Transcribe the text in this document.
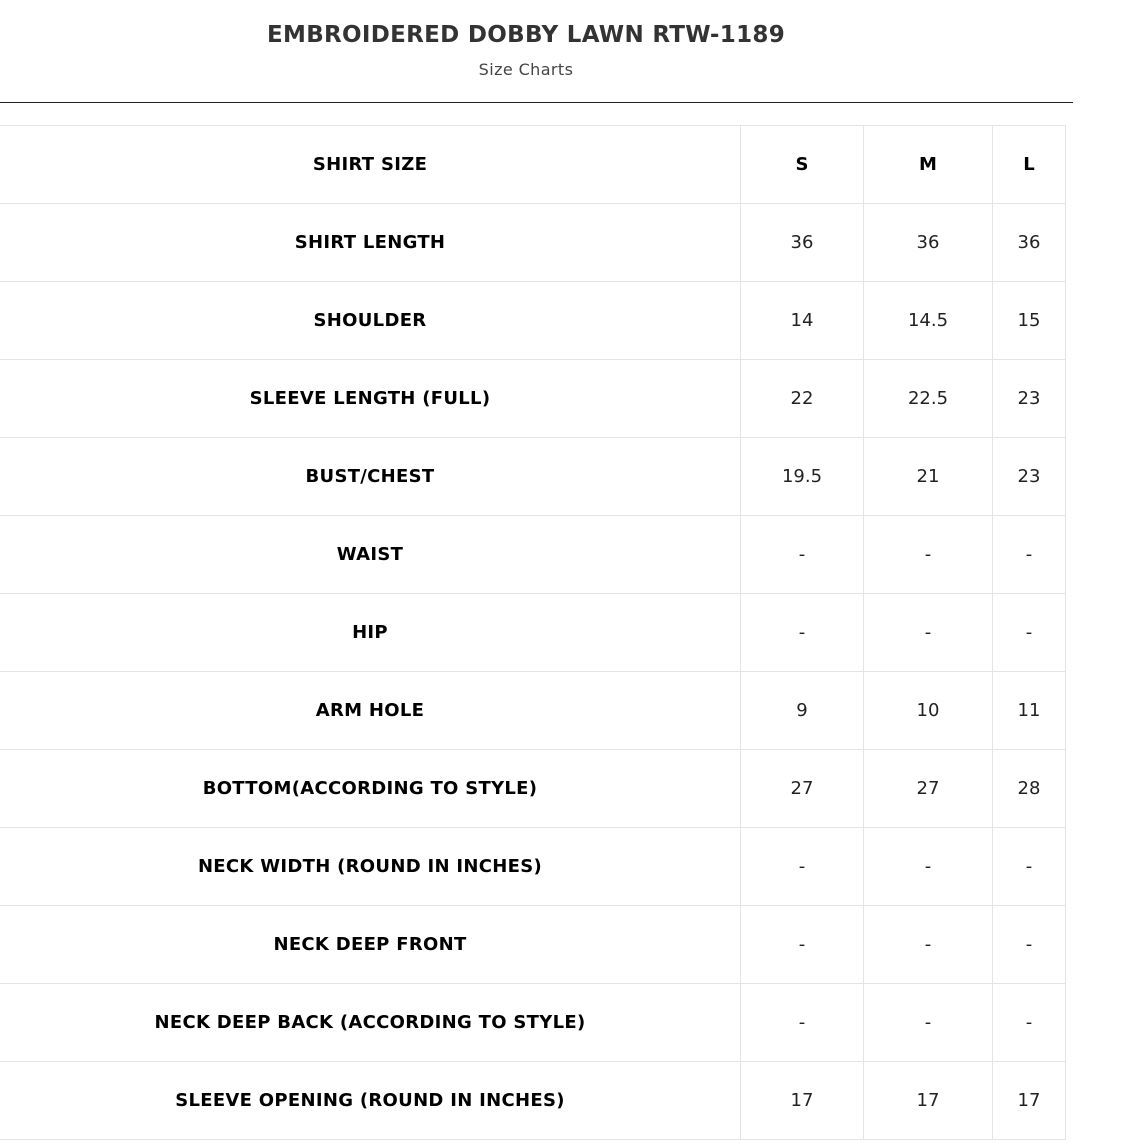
EMBROIDERED DOBBY LAWN RTW-1189
Size Charts
SHIRT SIZE	S	M	L
SHIRT LENGTH	36	36	36
SHOULDER	14	14.5	15
SLEEVE LENGTH (FULL)	22	22.5	23
BUST/CHEST	19.5	21	23
WAIST	-	-	-
HIP	-	-	-
ARM HOLE	9	10	11
BOTTOM(ACCORDING TO STYLE)	27	27	28
NECK WIDTH (ROUND IN INCHES)	-	-	-
NECK DEEP FRONT	-	-	-
NECK DEEP BACK (ACCORDING TO STYLE)	-	-	-
SLEEVE OPENING (ROUND IN INCHES)	17	17	17
